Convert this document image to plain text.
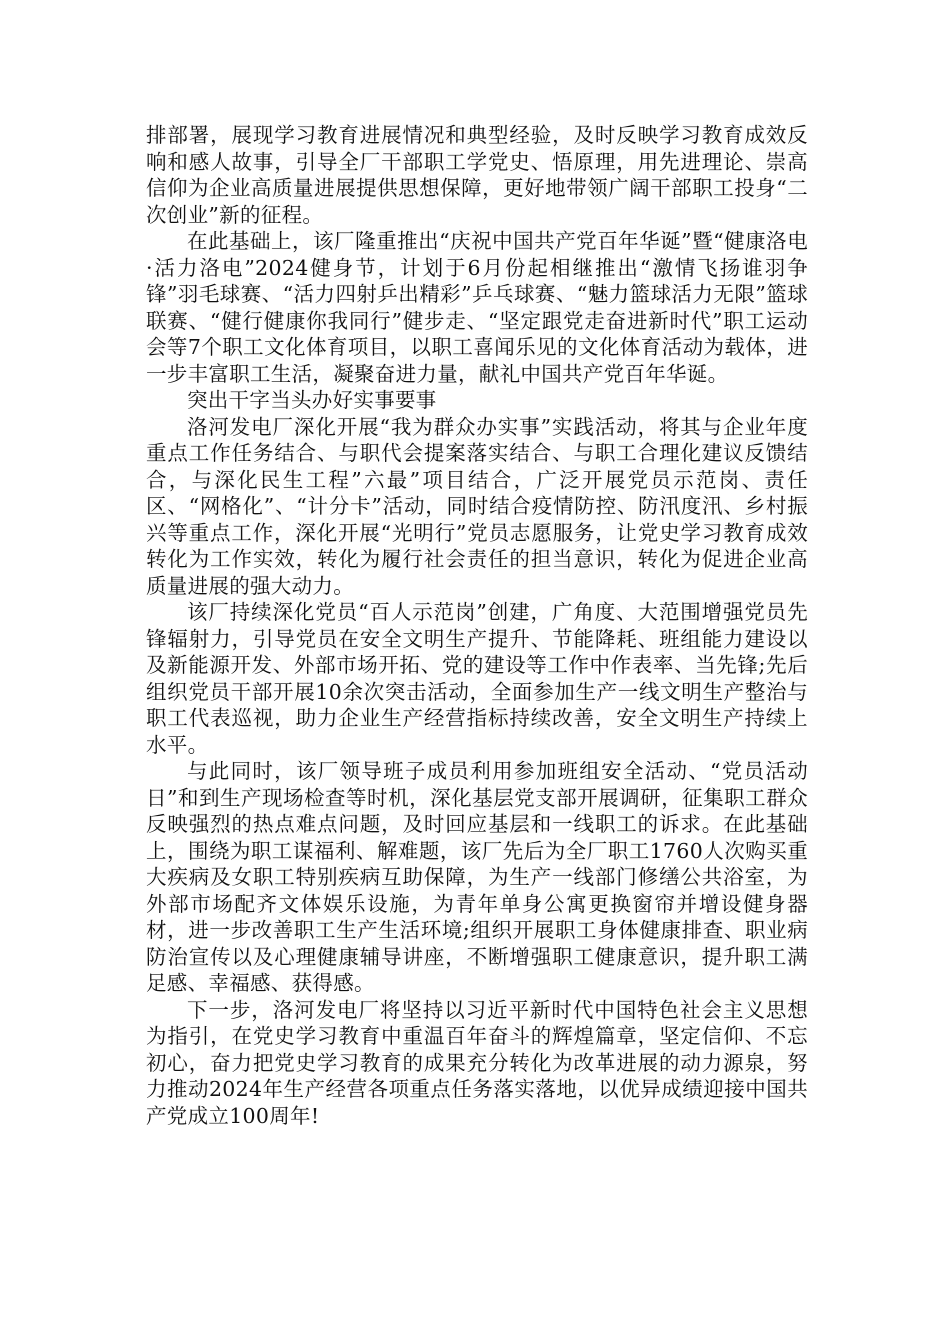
排部署，展现学习教育进展情况和典型经验，及时反映学习教育成效反响和感人故事，引导全厂干部职工学党史、悟原理，用先进理论、崇高信仰为企业高质量进展提供思想保障，更好地带领广阔干部职工投身“二次创业”新的征程。

在此基础上，该厂隆重推出“庆祝中国共产党百年华诞”暨“健康洛电·活力洛电”2024健身节，计划于6月份起相继推出“激情飞扬谁羽争锋”羽毛球赛、“活力四射乒出精彩”乒乓球赛、“魅力篮球活力无限”篮球联赛、“健行健康你我同行”健步走、“坚定跟党走奋进新时代”职工运动会等7个职工文化体育项目，以职工喜闻乐见的文化体育活动为载体，进一步丰富职工生活，凝聚奋进力量，献礼中国共产党百年华诞。

突出干字当头办好实事要事

洛河发电厂深化开展“我为群众办实事”实践活动，将其与企业年度重点工作任务结合、与职代会提案落实结合、与职工合理化建议反馈结合，与深化民生工程”六最”项目结合，广泛开展党员示范岗、责任区、“网格化”、“计分卡”活动，同时结合疫情防控、防汛度汛、乡村振兴等重点工作，深化开展“光明行”党员志愿服务，让党史学习教育成效转化为工作实效，转化为履行社会责任的担当意识，转化为促进企业高质量进展的强大动力。

该厂持续深化党员“百人示范岗”创建，广角度、大范围增强党员先锋辐射力，引导党员在安全文明生产提升、节能降耗、班组能力建设以及新能源开发、外部市场开拓、党的建设等工作中作表率、当先锋;先后组织党员干部开展10余次突击活动，全面参加生产一线文明生产整治与职工代表巡视，助力企业生产经营指标持续改善，安全文明生产持续上水平。

与此同时，该厂领导班子成员利用参加班组安全活动、“党员活动日”和到生产现场检查等时机，深化基层党支部开展调研，征集职工群众反映强烈的热点难点问题，及时回应基层和一线职工的诉求。在此基础上，围绕为职工谋福利、解难题，该厂先后为全厂职工1760人次购买重大疾病及女职工特别疾病互助保障，为生产一线部门修缮公共浴室，为外部市场配齐文体娱乐设施，为青年单身公寓更换窗帘并增设健身器材，进一步改善职工生产生活环境;组织开展职工身体健康排查、职业病防治宣传以及心理健康辅导讲座，不断增强职工健康意识，提升职工满足感、幸福感、获得感。

下一步，洛河发电厂将坚持以习近平新时代中国特色社会主义思想为指引，在党史学习教育中重温百年奋斗的辉煌篇章，坚定信仰、不忘初心，奋力把党史学习教育的成果充分转化为改革进展的动力源泉，努力推动2024年生产经营各项重点任务落实落地，以优异成绩迎接中国共产党成立100周年!
